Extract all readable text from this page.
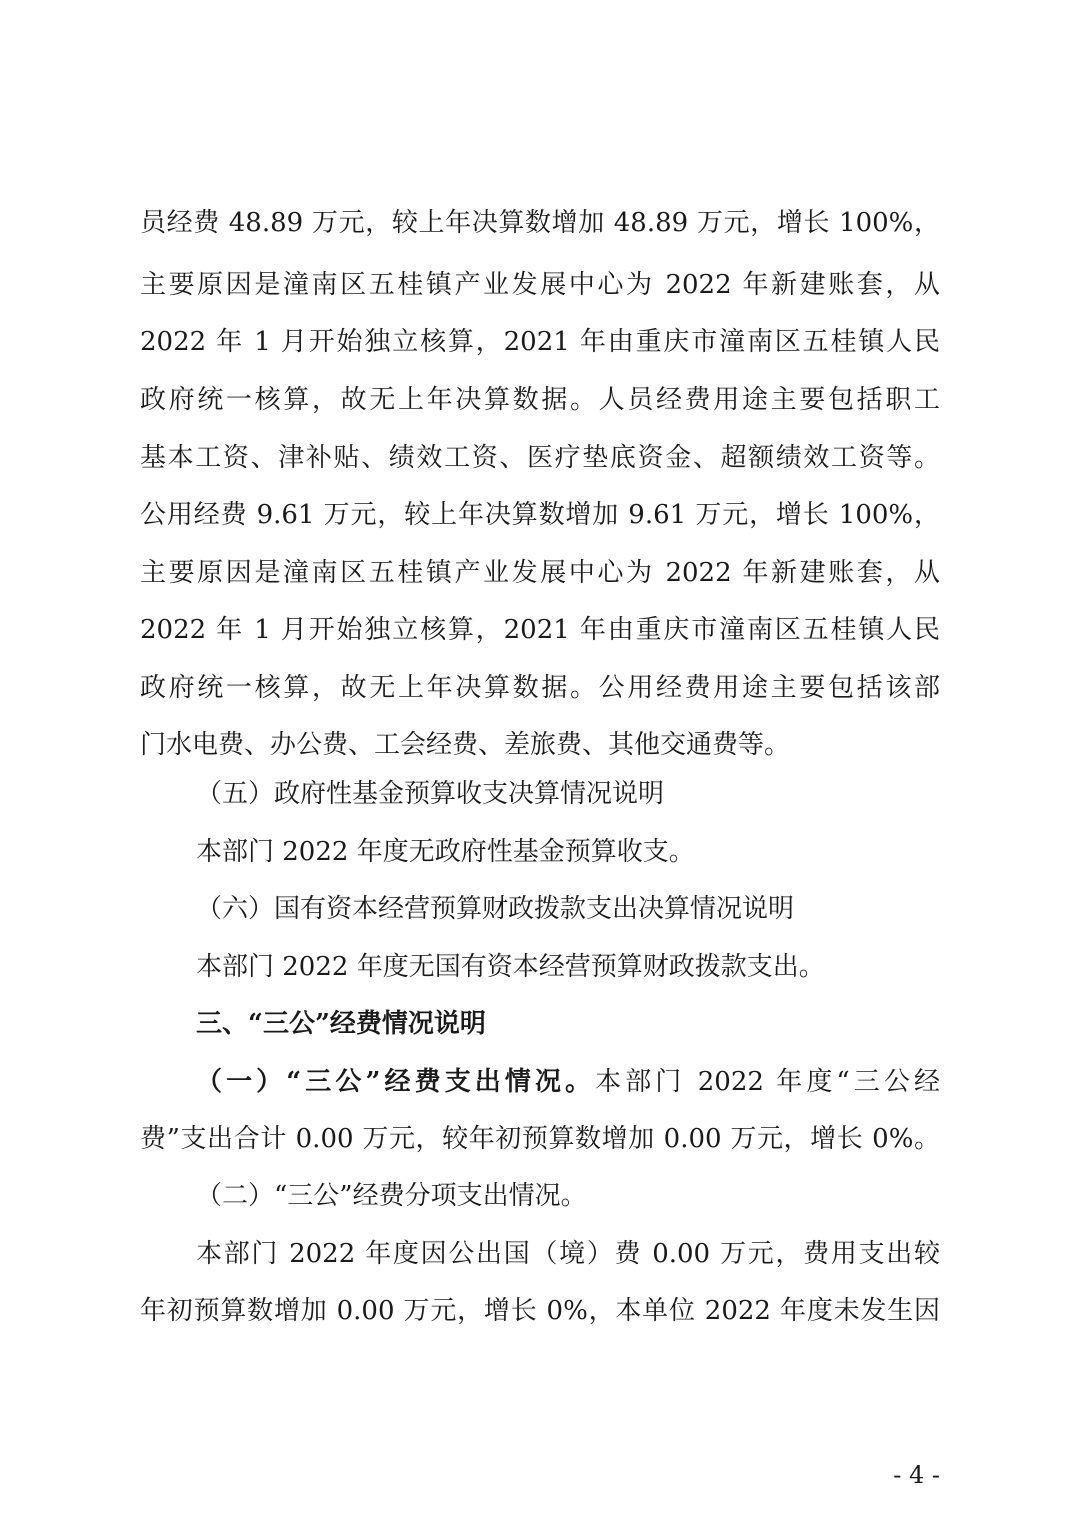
员经费 48.89 万元，较上年决算数增加 48.89 万元，增长 100%，
主要原因是潼南区五桂镇产业发展中心为 2022 年新建账套，从
2022 年 1 月开始独立核算，2021 年由重庆市潼南区五桂镇人民
政府统一核算，故无上年决算数据。人员经费用途主要包括职工
基本工资、津补贴、绩效工资、医疗垫底资金、超额绩效工资等。
公用经费 9.61 万元，较上年决算数增加 9.61 万元，增长 100%，
主要原因是潼南区五桂镇产业发展中心为 2022 年新建账套，从
2022 年 1 月开始独立核算，2021 年由重庆市潼南区五桂镇人民
政府统一核算，故无上年决算数据。公用经费用途主要包括该部
门水电费、办公费、工会经费、差旅费、其他交通费等。
（五）政府性基金预算收支决算情况说明
本部门 2022 年度无政府性基金预算收支。
（六）国有资本经营预算财政拨款支出决算情况说明
本部门 2022 年度无国有资本经营预算财政拨款支出。
三、“三公”经费情况说明
（一）“三公”经费支出情况。本部门 2022 年度“三公经
费”支出合计 0.00 万元，较年初预算数增加 0.00 万元，增长 0%。
（二）“三公”经费分项支出情况。
本部门 2022 年度因公出国（境）费 0.00 万元，费用支出较
年初预算数增加 0.00 万元，增长 0%，本单位 2022 年度未发生因
- 4 -
